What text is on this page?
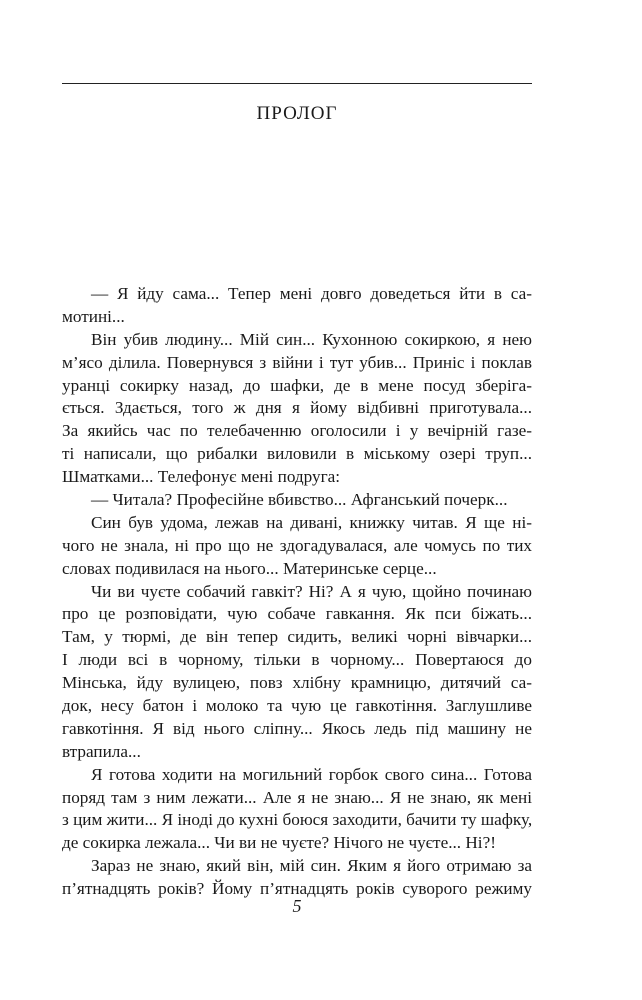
ПРОЛОГ
— Я йду сама... Тепер мені довго доведеться йти в са-
мотині...
Він убив людину... Мій син... Кухонною сокиркою, я нею
м’ясо ділила. Повернувся з війни і тут убив... Приніс і поклав
уранці сокирку назад, до шафки, де в мене посуд зберіга-
ється. Здається, того ж дня я йому відбивні приготувала...
За якийсь час по телебаченню оголосили і у вечірній газе-
ті написали, що рибалки виловили в міському озері труп...
Шматками... Телефонує мені подруга:
— Читала? Професійне вбивство... Афганський почерк...
Син був удома, лежав на дивані, книжку читав. Я ще ні-
чого не знала, ні про що не здогадувалася, але чомусь по тих
словах подивилася на нього... Материнське серце...
Чи ви чуєте собачий гавкіт? Ні? А я чую, щойно починаю
про це розповідати, чую собаче гавкання. Як пси біжать...
Там, у тюрмі, де він тепер сидить, великі чорні вівчарки...
І люди всі в чорному, тільки в чорному... Повертаюся до
Мінська, йду вулицею, повз хлібну крамницю, дитячий са-
док, несу батон і молоко та чую це гавкотіння. Заглушливе
гавкотіння. Я від нього сліпну... Якось ледь під машину не
втрапила...
Я готова ходити на могильний горбок свого сина... Готова
поряд там з ним лежати... Але я не знаю... Я не знаю, як мені
з цим жити... Я іноді до кухні боюся заходити, бачити ту шафку,
де сокирка лежала... Чи ви не чуєте? Нічого не чуєте... Ні?!
Зараз не знаю, який він, мій син. Яким я його отримаю за
п’ятнадцять років? Йому п’ятнадцять років суворого режиму
5
